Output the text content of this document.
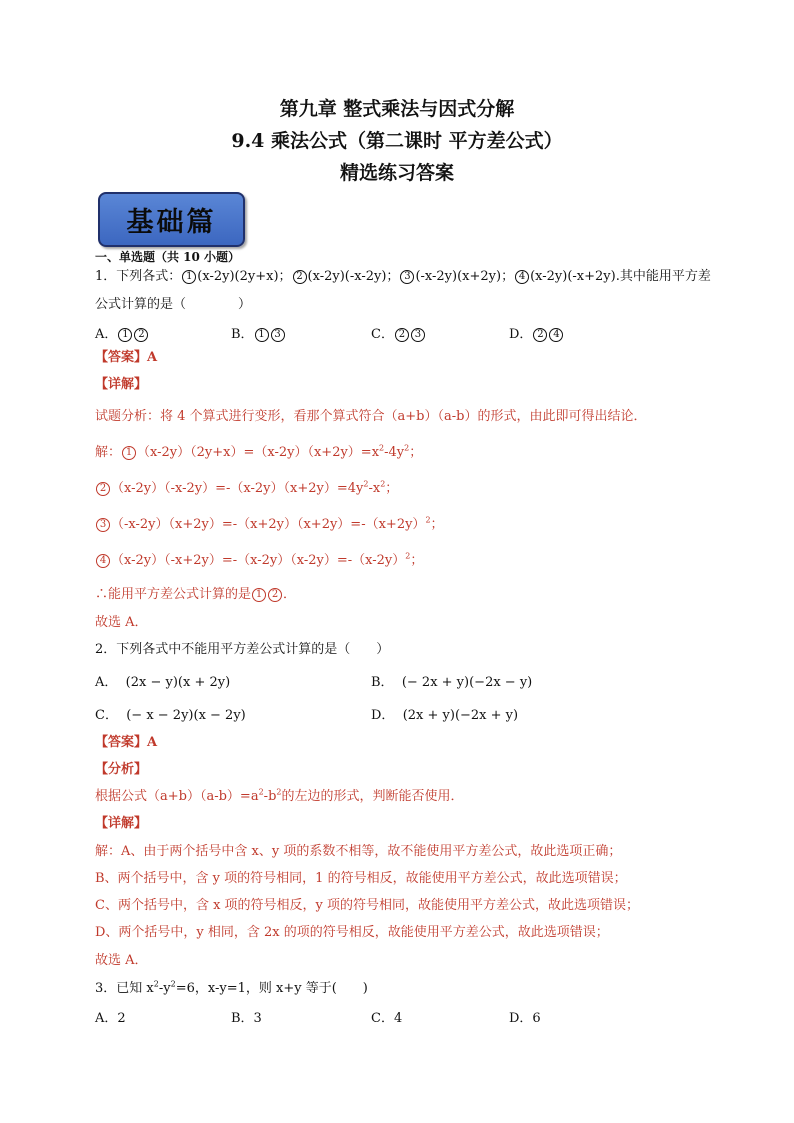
第九章 整式乘法与因式分解
9.4 乘法公式（第二课时 平方差公式）
精选练习答案
基础篇
一、单选题（共 10 小题）
1．下列各式： 1 (x-2y)(2y+x)； 2 (x-2y)(-x-2y)； 3 (-x-2y)(x+2y)； 4 (x-2y)(-x+2y).其中能用平方差
公式计算的是（　　　　）
A． 1 2	B． 1 3	C． 2 3	D． 2 4
【答案】A
【详解】
试题分析：将 4 个算式进行变形，看那个算式符合（a+b）（a-b）的形式，由此即可得出结论．
解： 1 $(x-2y)(2y+x)=(x-2y)(x+2y)=x^2-4y^2$；
2 $(x-2y)(-x-2y)=-(x-2y)(x+2y)=4y^2-x^2$；
3 $(-x-2y)(x+2y)=-(x+2y)(x+2y)=-(x+2y)^2$；
4 $(x-2y)(-x+2y)=-(x-2y)(x-2y)=-(x-2y)^2$；
∴能用平方差公式计算的是 1 2 ．
故选 A．
2．下列各式中不能用平方差公式计算的是（　　）
A． (2x − y)(x + 2y)	B． (− 2x + y)(−2x − y)
C． (− x − 2y)(x − 2y)	D． (2x + y)(−2x + y)
【答案】A
【分析】
根据公式$(a+b)(a-b)=a^2-b^2$的左边的形式，判断能否使用．
【详解】
解：A、由于两个括号中含 x、y 项的系数不相等，故不能使用平方差公式，故此选项正确；
B、两个括号中，含 y 项的符号相同，1 的符号相反，故能使用平方差公式，故此选项错误；
C、两个括号中，含 x 项的符号相反，y 项的符号相同，故能使用平方差公式，故此选项错误；
D、两个括号中，y 相同，含 2x 的项的符号相反，故能使用平方差公式，故此选项错误；
故选 A．
3．已知 $x^2-y^2=6$，x-y=1，则 x+y 等于(　　)
A．2	B．3	C．4	D．6
